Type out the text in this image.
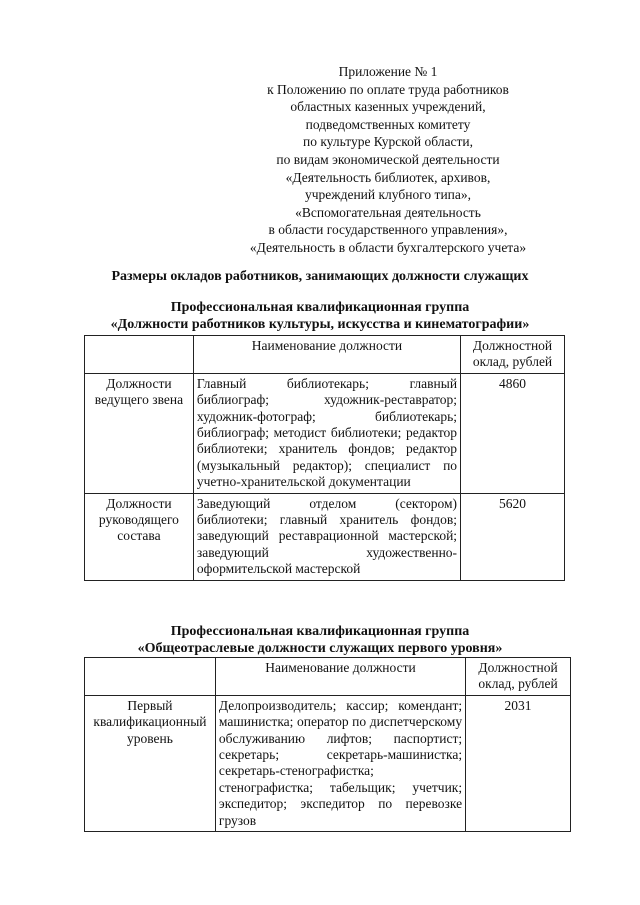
Приложение № 1
к Положению по оплате труда работников
областных казенных учреждений,
подведомственных комитету
по культуре Курской области,
по видам экономической деятельности
«Деятельность библиотек, архивов,
учреждений клубного типа»,
«Вспомогательная деятельность
в области государственного управления»,
«Деятельность в области бухгалтерского учета»
Размеры окладов работников, занимающих должности служащих
Профессиональная квалификационная группа
«Должности работников культуры, искусства и кинематографии»
	Наименование должности	Должностной оклад, рублей
Должности ведущего звена	Главный библиотекарь; главный библиограф; художник-реставратор; художник-фотограф; библиотекарь; библиограф; методист библиотеки; редактор библиотеки; хранитель фондов; редактор (музыкальный редактор); специалист по учетно-хранительской документации	4860
Должности руководящего состава	Заведующий отделом (сектором) библиотеки; главный хранитель фондов; заведующий реставрационной мастерской; заведующий художественно-оформительской мастерской	5620
Профессиональная квалификационная группа
«Общеотраслевые должности служащих первого уровня»
	Наименование должности	Должностной оклад, рублей
Первый квалификационный уровень	Делопроизводитель; кассир; комендант; машинистка; оператор по диспетчерскому обслуживанию лифтов; паспортист; секретарь; секретарь-машинистка; секретарь-стенографистка; стенографистка; табельщик; учетчик; экспедитор; экспедитор по перевозке грузов	2031
